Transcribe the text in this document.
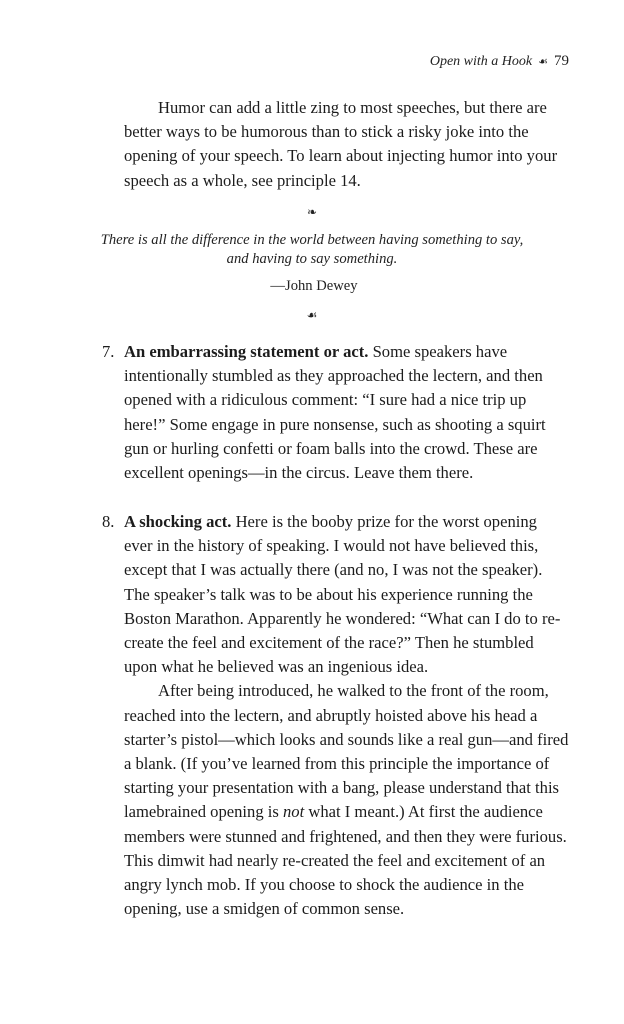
Open with a Hook ☙ 79

Humor can add a little zing to most speeches, but there are better ways to be humorous than to stick a risky joke into the opening of your speech. To learn about injecting humor into your speech as a whole, see principle 14.

❧

There is all the difference in the world between having something to say, and having to say something.

—John Dewey
☙
7. An embarrassing statement or act. Some speakers have intentionally stumbled as they approached the lectern, and then opened with a ridiculous comment: “I sure had a nice trip up here!” Some engage in pure nonsense, such as shooting a squirt gun or hurling confetti or foam balls into the crowd. These are excellent openings—in the circus. Leave them there.

8. A shocking act. Here is the booby prize for the worst opening ever in the history of speaking. I would not have believed this, except that I was actually there (and no, I was not the speaker). The speaker’s talk was to be about his experience running the Boston Marathon. Apparently he wondered: “What can I do to re-create the feel and excitement of the race?” Then he stumbled upon what he believed was an ingenious idea.

After being introduced, he walked to the front of the room, reached into the lectern, and abruptly hoisted above his head a starter’s pistol—which looks and sounds like a real gun—and fired a blank. (If you’ve learned from this principle the importance of starting your presentation with a bang, please understand that this lamebrained opening is not what I meant.) At first the audience members were stunned and frightened, and then they were furious. This dimwit had nearly re-created the feel and excitement of an angry lynch mob. If you choose to shock the audience in the opening, use a smidgen of common sense.
